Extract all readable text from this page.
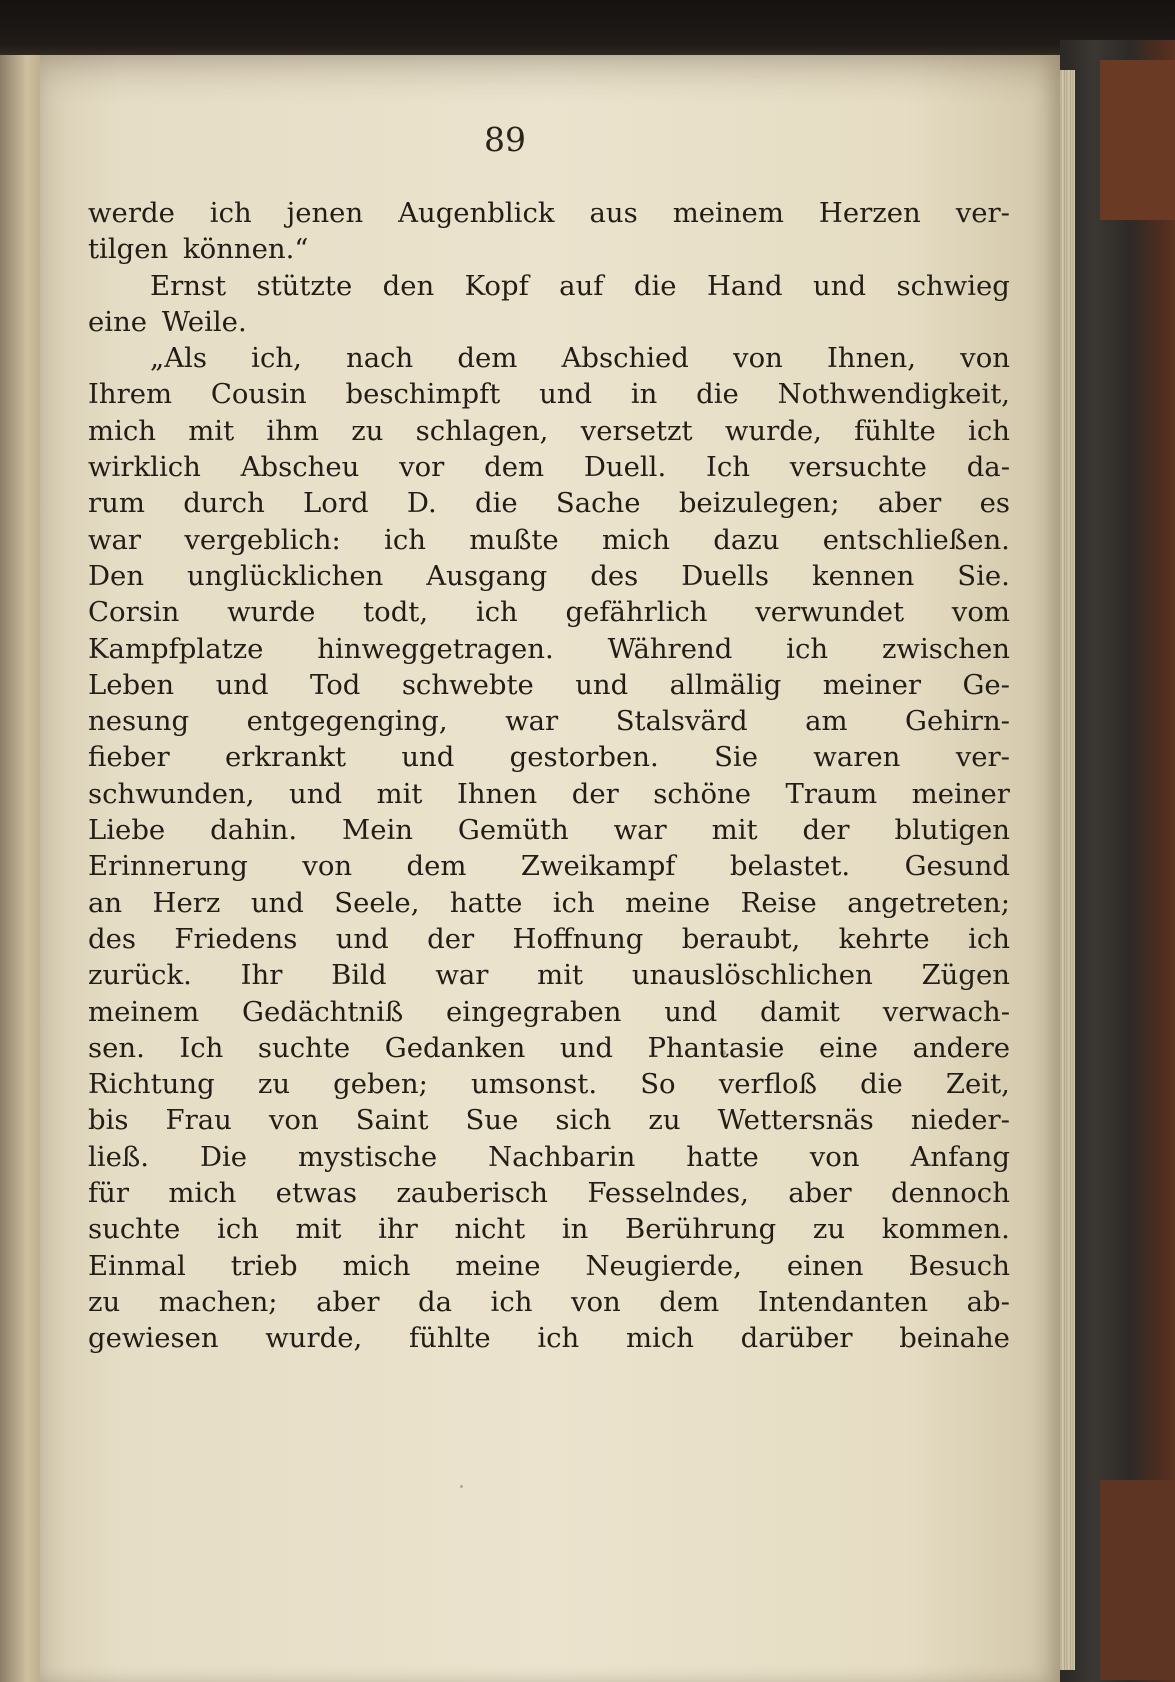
89
werde ich jenen Augenblick aus meinem Herzen ver-
tilgen können.“
Ernst stützte den Kopf auf die Hand und schwieg
eine Weile.
„Als ich, nach dem Abschied von Ihnen, von
Ihrem Cousin beschimpft und in die Nothwendigkeit,
mich mit ihm zu schlagen, versetzt wurde, fühlte ich
wirklich Abscheu vor dem Duell. Ich versuchte da-
rum durch Lord D. die Sache beizulegen; aber es
war vergeblich: ich mußte mich dazu entschließen.
Den unglücklichen Ausgang des Duells kennen Sie.
Corsin wurde todt, ich gefährlich verwundet vom
Kampfplatze hinweggetragen. Während ich zwischen
Leben und Tod schwebte und allmälig meiner Ge-
nesung entgegenging, war Stalsvärd am Gehirn-
fieber erkrankt und gestorben. Sie waren ver-
schwunden, und mit Ihnen der schöne Traum meiner
Liebe dahin. Mein Gemüth war mit der blutigen
Erinnerung von dem Zweikampf belastet. Gesund
an Herz und Seele, hatte ich meine Reise angetreten;
des Friedens und der Hoffnung beraubt, kehrte ich
zurück. Ihr Bild war mit unauslöschlichen Zügen
meinem Gedächtniß eingegraben und damit verwach-
sen. Ich suchte Gedanken und Phantasie eine andere
Richtung zu geben; umsonst. So verfloß die Zeit,
bis Frau von Saint Sue sich zu Wettersnäs nieder-
ließ. Die mystische Nachbarin hatte von Anfang
für mich etwas zauberisch Fesselndes, aber dennoch
suchte ich mit ihr nicht in Berührung zu kommen.
Einmal trieb mich meine Neugierde, einen Besuch
zu machen; aber da ich von dem Intendanten ab-
gewiesen wurde, fühlte ich mich darüber beinahe
